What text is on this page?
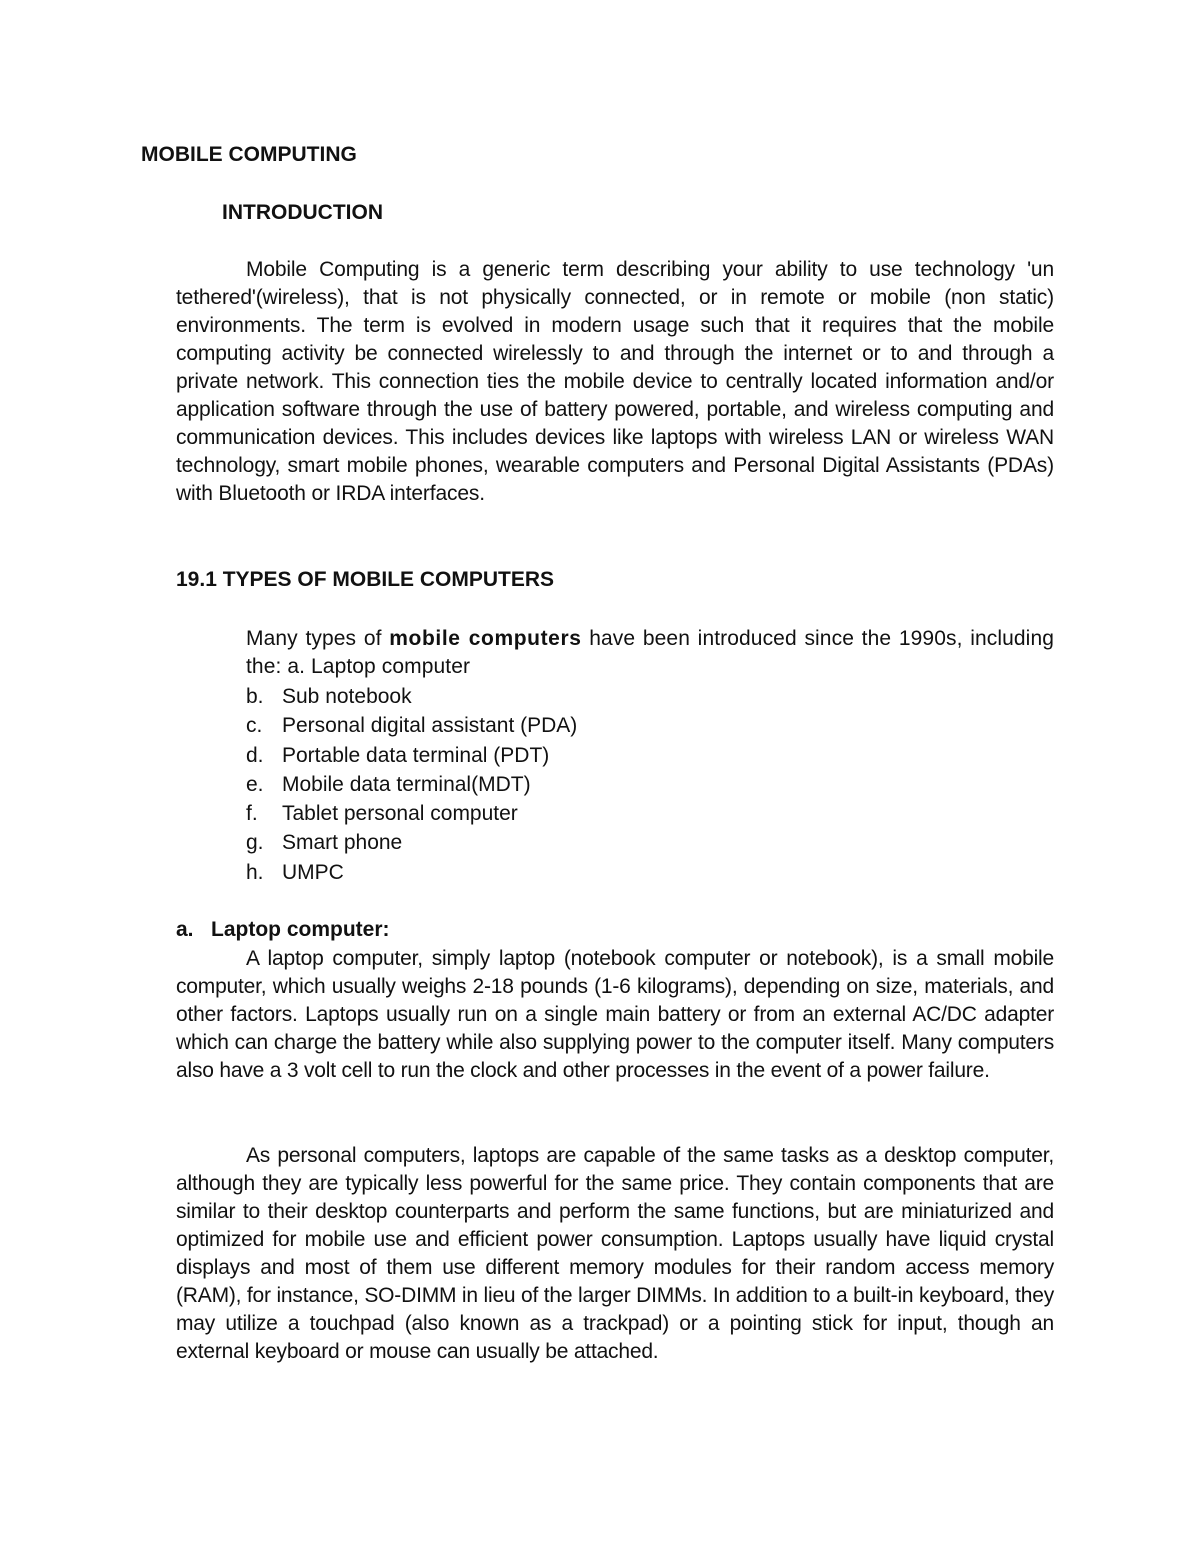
MOBILE COMPUTING
INTRODUCTION

Mobile Computing is a generic term describing your ability to use technology 'un tethered'(wireless), that is not physically connected, or in remote or mobile (non static) environments. The term is evolved in modern usage such that it requires that the mobile computing activity be connected wirelessly to and through the internet or to and through a private network. This connection ties the mobile device to centrally located information and/or application software through the use of battery powered, portable, and wireless computing and communication devices. This includes devices like laptops with wireless LAN or wireless WAN technology, smart mobile phones, wearable computers and Personal Digital Assistants (PDAs) with Bluetooth or IRDA interfaces.

19.1 TYPES OF MOBILE COMPUTERS

Many types of mobile computers have been introduced since the 1990s, including the: a. Laptop computer

b. Sub notebook
c. Personal digital assistant (PDA)
d. Portable data terminal (PDT)
e. Mobile data terminal(MDT)
f. Tablet personal computer
g. Smart phone
h. UMPC
a. Laptop computer:

A laptop computer, simply laptop (notebook computer or notebook), is a small mobile computer, which usually weighs 2-18 pounds (1-6 kilograms), depending on size, materials, and other factors. Laptops usually run on a single main battery or from an external AC/DC adapter which can charge the battery while also supplying power to the computer itself. Many computers also have a 3 volt cell to run the clock and other processes in the event of a power failure.

As personal computers, laptops are capable of the same tasks as a desktop computer, although they are typically less powerful for the same price. They contain components that are similar to their desktop counterparts and perform the same functions, but are miniaturized and optimized for mobile use and efficient power consumption. Laptops usually have liquid crystal displays and most of them use different memory modules for their random access memory (RAM), for instance, SO-DIMM in lieu of the larger DIMMs. In addition to a built-in keyboard, they may utilize a touchpad (also known as a trackpad) or a pointing stick for input, though an external keyboard or mouse can usually be attached.
